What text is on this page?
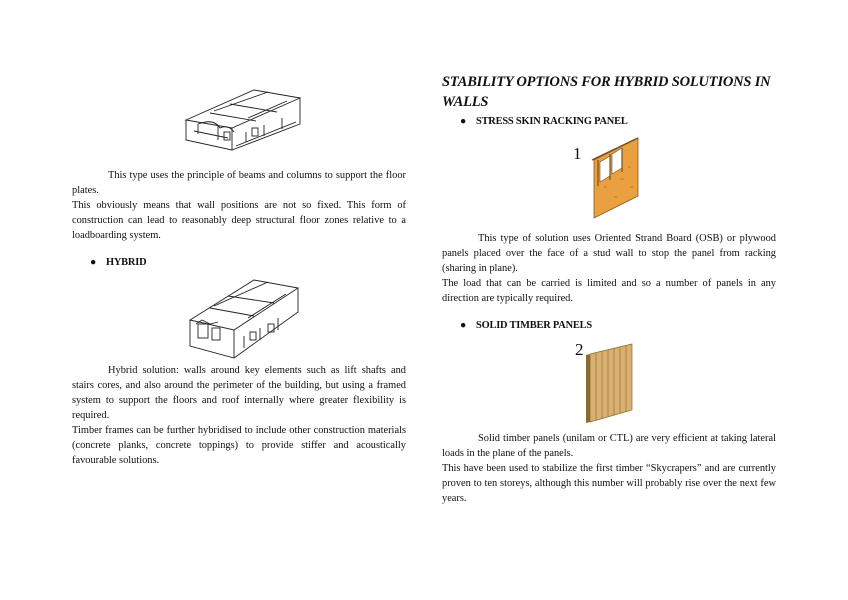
This type uses the principle of beams and columns to support the floor plates.

This obviously means that wall positions are not so fixed. This form of construction can lead to reasonably deep structural floor zones relative to a loadboarding system.

● HYBRID

Hybrid solution: walls around key elements such as lift shafts and stairs cores, and also around the perimeter of the building, but using a framed system to support the floors and roof internally where greater flexibility is required.

Timber frames can be further hybridised to include other construction materials (concrete planks, concrete toppings) to provide stiffer and acoustically favourable solutions.

STABILITY OPTIONS FOR HYBRID SOLUTIONS IN WALLS
● STRESS SKIN RACKING PANEL
1

This type of solution uses Oriented Strand Board (OSB) or plywood panels placed over the face of a stud wall to stop the panel from racking (sharing in plane).

The load that can be carried is limited and so a number of panels in any direction are typically required.

● SOLID TIMBER PANELS
2

Solid timber panels (unilam or CTL) are very efficient at taking lateral loads in the plane of the panels.

This have been used to stabilize the first timber “Skycrapers” and are currently proven to ten storeys, although this number will probably rise over the next few years.
